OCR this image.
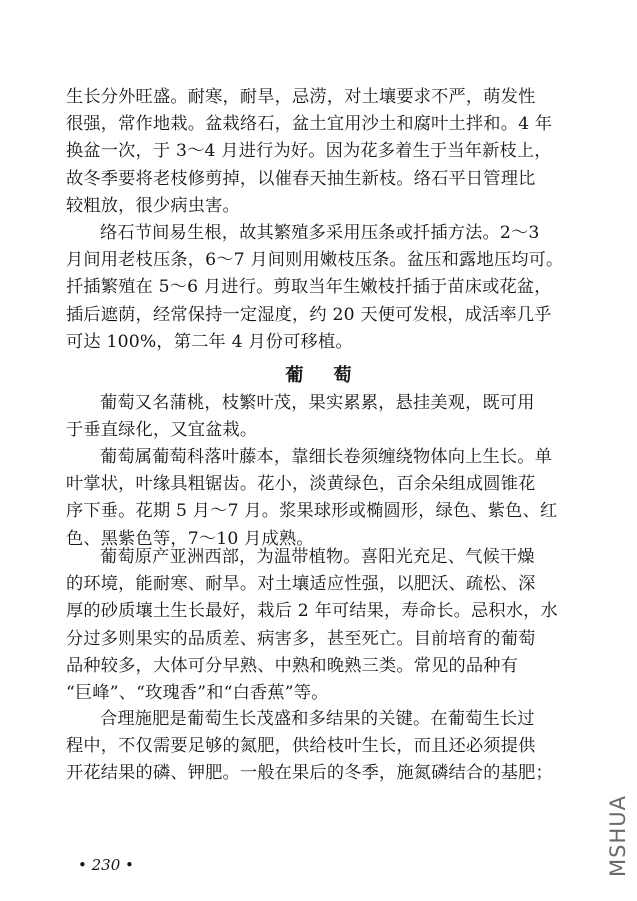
生长分外旺盛。耐寒，耐旱，忌涝，对土壤要求不严，萌发性
很强，常作地栽。盆栽络石，盆土宜用沙土和腐叶土拌和。4 年
换盆一次，于 3～4 月进行为好。因为花多着生于当年新枝上，
故冬季要将老枝修剪掉，以催春天抽生新枝。络石平日管理比
较粗放，很少病虫害。
络石节间易生根，故其繁殖多采用压条或扦插方法。2～3
月间用老枝压条，6～7 月间则用嫩枝压条。盆压和露地压均可。
扦插繁殖在 5～6 月进行。剪取当年生嫩枝扦插于苗床或花盆，
插后遮荫，经常保持一定湿度，约 20 天便可发根，成活率几乎
可达 100%，第二年 4 月份可移植。
葡萄
葡萄又名蒲桃，枝繁叶茂，果实累累，悬挂美观，既可用
于垂直绿化，又宜盆栽。
葡萄属葡萄科落叶藤本，靠细长卷须缠绕物体向上生长。单
叶掌状，叶缘具粗锯齿。花小，淡黄绿色，百余朵组成圆锥花
序下垂。花期 5 月～7 月。浆果球形或椭圆形，绿色、紫色、红
色、黑紫色等，7～10 月成熟。
葡萄原产亚洲西部，为温带植物。喜阳光充足、气候干燥
的环境，能耐寒、耐旱。对土壤适应性强，以肥沃、疏松、深
厚的砂质壤土生长最好，栽后 2 年可结果，寿命长。忌积水，水
分过多则果实的品质差、病害多，甚至死亡。目前培育的葡萄
品种较多，大体可分早熟、中熟和晚熟三类。常见的品种有
“巨峰”、“玫瑰香”和“白香蕉”等。
合理施肥是葡萄生长茂盛和多结果的关键。在葡萄生长过
程中，不仅需要足够的氮肥，供给枝叶生长，而且还必须提供
开花结果的磷、钾肥。一般在果后的冬季，施氮磷结合的基肥；
• 230 •	MSHUA
